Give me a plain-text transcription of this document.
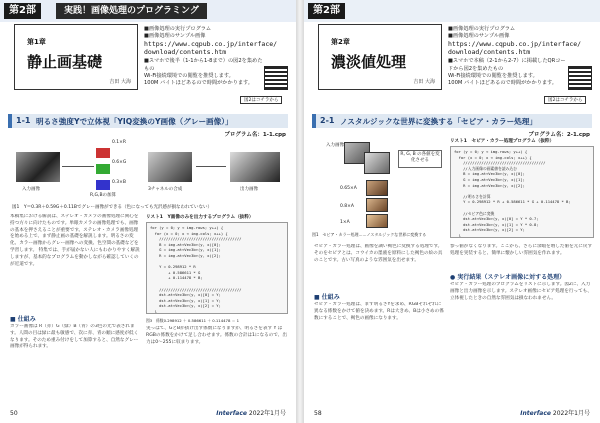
第2部	実践！画像処理のプログラミング
第1章
静止画基礎
吉田 大海
■画像処理の実行プログラム
■画像処理のサンプル画像
https://www.cqpub.co.jp/interface/
download/contents.htm
■スマホで後半（1-1から1-8まで）の図2を集めたもの
Wi-Fi接続環境での閲覧を推奨します。
100M バイトほどあるので時間がかかります。
図2はコチラから
1-1 明るさ強度Yで立体視「YIQ変換のY画像（グレー画像）」
プログラム名：1-1.cpp
入力画像
0.1×R
0.6×G
0.3×B
R,G,Bの加算
3チャネルの合成	出力画像
図1　Y＝0.3R＋0.59G＋0.11Bでグレー画像ができる（色になっても光沢感が損なわれていない）
本稿集における解説は、ステレオ・カメラの画像処理に関心を持つ方々に向けたものです。単眼カメラの画像処理でも、画像の基本を押さえることが重要です。ステレオ・カメラ画像処理を始める上で、まず静止画の基礎を解説します。明るさの変化、カラー画像からグレー画像への変換、色空間の基礎などを学習します。 特集では、手が届かない人にもわかりやすく解説しますが、基本的なプログラムを動かしながら確認していくのが近道です。
■ 仕組み
カラー画像は R（赤）G（緑）B（青）の3色の光で表されます。人間の目は緑に最も敏感で、次に赤、青の順に感度が低くなります。そのため重み付けをして加算すると、自然なグレー画像が得られます。
リスト1　Y画像のみを出力するプログラム（抜粋）
for (y = 0; y < img.rows; y++) {
for (x = 0; x < img.cols; x++) {
////////////////////////////////////
B = img.at<Vec3b>(y, x)[0];
G = img.at<Vec3b>(y, x)[1];
R = img.at<Vec3b>(y, x)[2];

Y = 0.298912 * R
+ 0.586611 * G
+ 0.114478 * B;

////////////////////////////////////
dst.at<Vec3b>(y, x)[0] = Y;
dst.at<Vec3b>(y, x)[1] = Y;
dst.at<Vec3b>(y, x)[2] = Y;
}

図3　係数0.298912 ＋ 0.586611 ＋ 0.114478 ＝ 1
実っぱて、GとBが抜け出す係数になりますが、明るさを表す Y はRGBの係数をかけて足し合わせます。係数の合計は1になるので、出力は0〜255に収まります。
50	Interface 2022年1月号
第2部
第2章
濃淡値処理
吉田 大海
■画像処理の実行プログラム
■画像処理のサンプル画像
https://www.cqpub.co.jp/interface/
download/contents.htm
■スマホで本稿（2-1から2-7）に掲載したQRコードから図2を集めたもの
Wi-Fi接続環境での閲覧を推奨します。
100M バイトほどあるので時間がかかります。
図2はコチラから
2-1 ノスタルジックな世界に変換する「セピア・カラー処理」
プログラム名：2-1.cpp
入力画像
R, G, B の各値を変化させる
0.65×A
0.8×A
1×A
図1　セピア・カラー処理……ノスタルジックな世界に変換する
リスト1　セピア・カラー処理プログラム（抜粋）
for (y = 0; y < img.rows; y++) {
for (x = 0; x < img.cols; x++) {
////////////////////////////////////
//入力画像の画素値を読み込む
B = img.at<Vec3b>(y, x)[0];
G = img.at<Vec3b>(y, x)[1];
R = img.at<Vec3b>(y, x)[2];

//明るさを計算
Y = 0.298912 * R + 0.586611 * G + 0.114478 * B;

//セピア色に変換
dst.at<Vec3b>(y, x)[0] = Y * 0.7;
dst.at<Vec3b>(y, x)[1] = Y * 0.8;
dst.at<Vec3b>(y, x)[2] = Y;
}

セピア・カラー処理は、画像を調い褐色に変換する処理です。そのをセピアとは、コウイカの墨液を原料にした褐色の絵の具のことです。古い写真のような雰囲気を出せます。
■ 仕組み
セピア・カラー処理は、まず明るさYを求め、RGBそれぞれに異なる係数をかけて値を決めます。Rは大きめ、Bは小さめの係数にすることで、褐色の画像になります。
参っ値がなくなります。ここから、さらに余暇を増した値を元に戻す処理を実装すると、簡単に懐かしい雰囲気を作れます。
● 実行結果（ステレオ画像に対する処理）
セピア・カラー処理のプログラムをリストに示します。図2に、入力画像と出力画像を示します。ステレオ画像にセピア処理を行っても、立体視したときの自然な雰囲気は損なわれません。
58	Interface 2022年1月号
